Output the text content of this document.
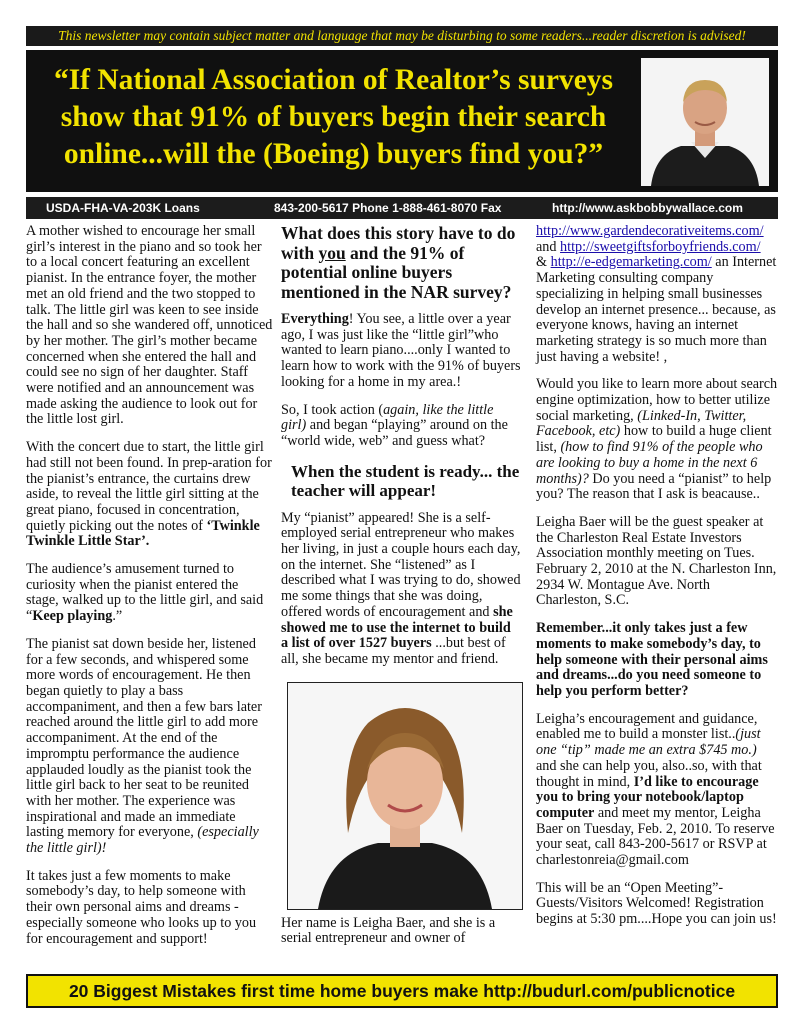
This newsletter may contain subject matter and language that may be disturbing to some readers...reader discretion is advised!
“If National Association of Realtor’s surveys show that 91% of buyers begin their search online...will the (Boeing) buyers find you?”
USDA-FHA-VA-203K Loans	843-200-5617 Phone 1-888-461-8070 Fax	http://www.askbobbywallace.com

A mother wished to encourage her small girl’s interest in the piano and so took her to a local concert featuring an excellent pianist. In the entrance foyer, the mother met an old friend and the two stopped to talk. The little girl was keen to see inside the hall and so she wandered off, unnoticed by her mother. The girl’s mother became concerned when she entered the hall and could see no sign of her daughter. Staff were notified and an announcement was made asking the audience to look out for the little lost girl.

With the concert due to start, the little girl had still not been found. In prep-aration for the pianist’s entrance, the curtains drew aside, to reveal the little girl sitting at the great piano, focused in concentration, quietly picking out the notes of ‘Twinkle Twinkle Little Star’.

The audience’s amusement turned to curiosity when the pianist entered the stage, walked up to the little girl, and said “Keep playing.”

The pianist sat down beside her, listened for a few seconds, and whispered some more words of encouragement. He then began quietly to play a bass accompaniment, and then a few bars later reached around the little girl to add more accompaniment. At the end of the impromptu performance the audience applauded loudly as the pianist took the little girl back to her seat to be reunited with her mother. The experience was inspirational and made an immediate lasting memory for everyone, (especially the little girl)!

It takes just a few moments to make somebody’s day, to help someone with their own personal aims and dreams - especially someone who looks up to you for encouragement and support!

What does this story have to do with you and the 91% of potential online buyers mentioned in the NAR survey?

Everything! You see, a little over a year ago, I was just like the “little girl”who wanted to learn piano....only I wanted to learn how to work with the 91% of buyers looking for a home in my area.!

So, I took action (again, like the little girl) and began “playing” around on the “world wide, web” and guess what?

When the student is ready... the teacher will appear!

My “pianist” appeared! She is a self-employed serial entrepreneur who makes her living, in just a couple hours each day, on the internet. She “listened” as I described what I was trying to do, showed me some things that she was doing, offered words of encouragement and she showed me to use the internet to build a list of over 1527 buyers ...but best of all, she became my mentor and friend.

Her name is Leigha Baer, and she is a serial entrepreneur and owner of

http://www.gardendecorativeitems.com/
and http://sweetgiftsforboyfriends.com/
& http://e-edgemarketing.com/ an Internet Marketing consulting company specializing in helping small businesses develop an internet presence... because, as everyone knows, having an internet marketing strategy is so much more than just having a website! ,

Would you like to learn more about search engine optimization, how to better utilize social marketing, (Linked-In, Twitter, Facebook, etc) how to build a huge client list, (how to find 91% of the people who are looking to buy a home in the next 6 months)? Do you need a “pianist” to help you? The reason that I ask is beacause..

Leigha Baer will be the guest speaker at the Charleston Real Estate Investors Association monthly meeting on Tues. February 2, 2010 at the N. Charleston Inn, 2934 W. Montague Ave. North Charleston, S.C.

Remember...it only takes just a few moments to make somebody’s day, to help someone with their personal aims and dreams...do you need someone to help you perform better?

Leigha’s encouragement and guidance, enabled me to build a monster list..(just one “tip” made me an extra $745 mo.) and she can help you, also..so, with that thought in mind, I’d like to encourage you to bring your notebook/laptop computer and meet my mentor, Leigha Baer on Tuesday, Feb. 2, 2010. To reserve your seat, call 843-200-5617 or RSVP at charlestonreia@gmail.com

This will be an “Open Meeting”- Guests/Visitors Welcomed! Registration begins at 5:30 pm....Hope you can join us!

20 Biggest Mistakes first time home buyers make http://budurl.com/publicnotice
